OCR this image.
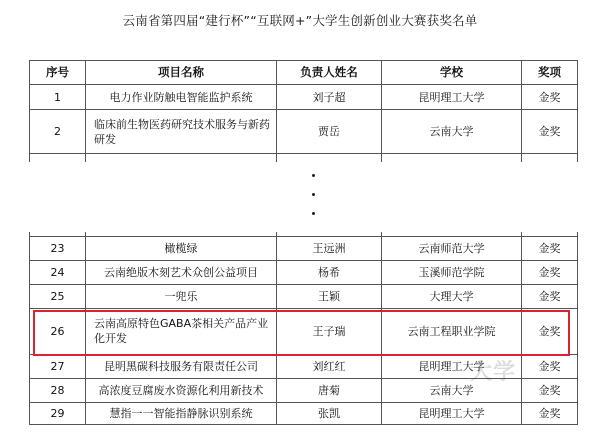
云南省第四届“建行杯”“互联网+”大学生创新创业大赛获奖名单
序号	项目名称	负责人姓名	学校	奖项
1	电力作业防触电智能监护系统	刘子超	昆明理工大学	金奖
2	临床前生物医药研究技术服务与新药研发	贾岳	云南大学	金奖

23	橄榄绿	王远洲	云南师范大学	金奖
24	云南绝版木刻艺术众创公益项目	杨希	玉溪师范学院	金奖
25	一兜乐	王颖	大理大学	金奖
26	云南高原特色GABA茶相关产品产业化开发	王子瑞	云南工程职业学院	金奖
27	昆明黑碳科技服务有限责任公司	刘红红	昆明理工大学	金奖
28	高浓度豆腐废水资源化利用新技术	唐菊	云南大学	金奖
29	慧指一一智能指静脉识别系统	张凯	昆明理工大学	金奖
大学
